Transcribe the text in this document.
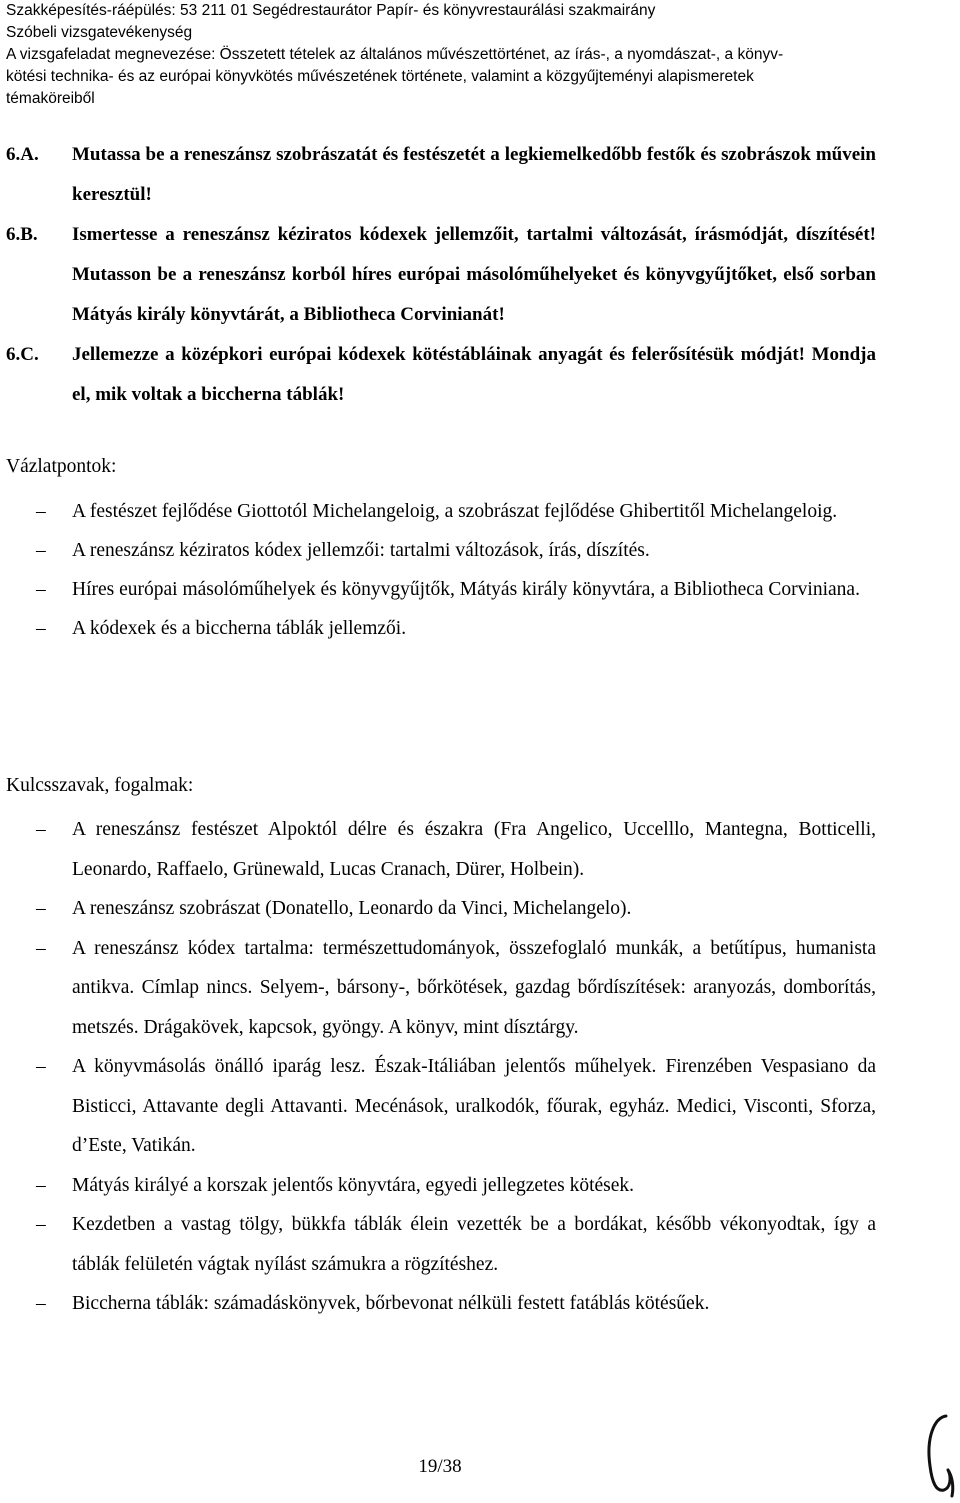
Szakképesítés-ráépülés: 53 211 01 Segédrestaurátor Papír- és könyvrestaurálási szakmairány
Szóbeli vizsgatevékenység
A vizsgafeladat megnevezése: Összetett tételek az általános művészettörténet, az írás-, a nyomdászat-, a könyv-
kötési technika- és az európai könyvkötés művészetének története, valamint a közgyűjteményi alapismeretek
témaköreiből
6.A. Mutassa be a reneszánsz szobrászatát és festészetét a legkiemelkedőbb festők és szobrászok művein keresztül!
6.B. Ismertesse a reneszánsz kéziratos kódexek jellemzőit, tartalmi változását, írásmódját, díszítését! Mutasson be a reneszánsz korból híres európai másolóműhelyeket és könyvgyűjtőket, első sorban Mátyás király könyvtárát, a Bibliotheca Corvinianát!
6.C. Jellemezze a középkori európai kódexek kötéstábláinak anyagát és felerősítésük módját! Mondja el, mik voltak a biccherna táblák!
Vázlatpontok:
– A festészet fejlődése Giottotól Michelangeloig, a szobrászat fejlődése Ghibertitől Michelangeloig.
– A reneszánsz kéziratos kódex jellemzői: tartalmi változások, írás, díszítés.
– Híres európai másolóműhelyek és könyvgyűjtők, Mátyás király könyvtára, a Bibliotheca Corviniana.
– A kódexek és a biccherna táblák jellemzői.
Kulcsszavak, fogalmak:
– A reneszánsz festészet Alpoktól délre és északra (Fra Angelico, Uccelllo, Mantegna, Botticelli, Leonardo, Raffaelo, Grünewald, Lucas Cranach, Dürer, Holbein).
– A reneszánsz szobrászat (Donatello, Leonardo da Vinci, Michelangelo).
– A reneszánsz kódex tartalma: természettudományok, összefoglaló munkák, a betűtípus, humanista antikva. Címlap nincs. Selyem-, bársony-, bőrkötések, gazdag bőrdíszítések: aranyozás, domborítás, metszés. Drágakövek, kapcsok, gyöngy. A könyv, mint dísztárgy.
– A könyvmásolás önálló iparág lesz. Észak-Itáliában jelentős műhelyek. Firenzében Vespasiano da Bisticci, Attavante degli Attavanti. Mecénások, uralkodók, főurak, egyház. Medici, Visconti, Sforza, d’Este, Vatikán.
– Mátyás királyé a korszak jelentős könyvtára, egyedi jellegzetes kötések.
– Kezdetben a vastag tölgy, bükkfa táblák élein vezették be a bordákat, később vékonyodtak, így a táblák felületén vágtak nyílást számukra a rögzítéshez.
– Biccherna táblák: számadáskönyvek, bőrbevonat nélküli festett fatáblás kötésűek.
19/38
